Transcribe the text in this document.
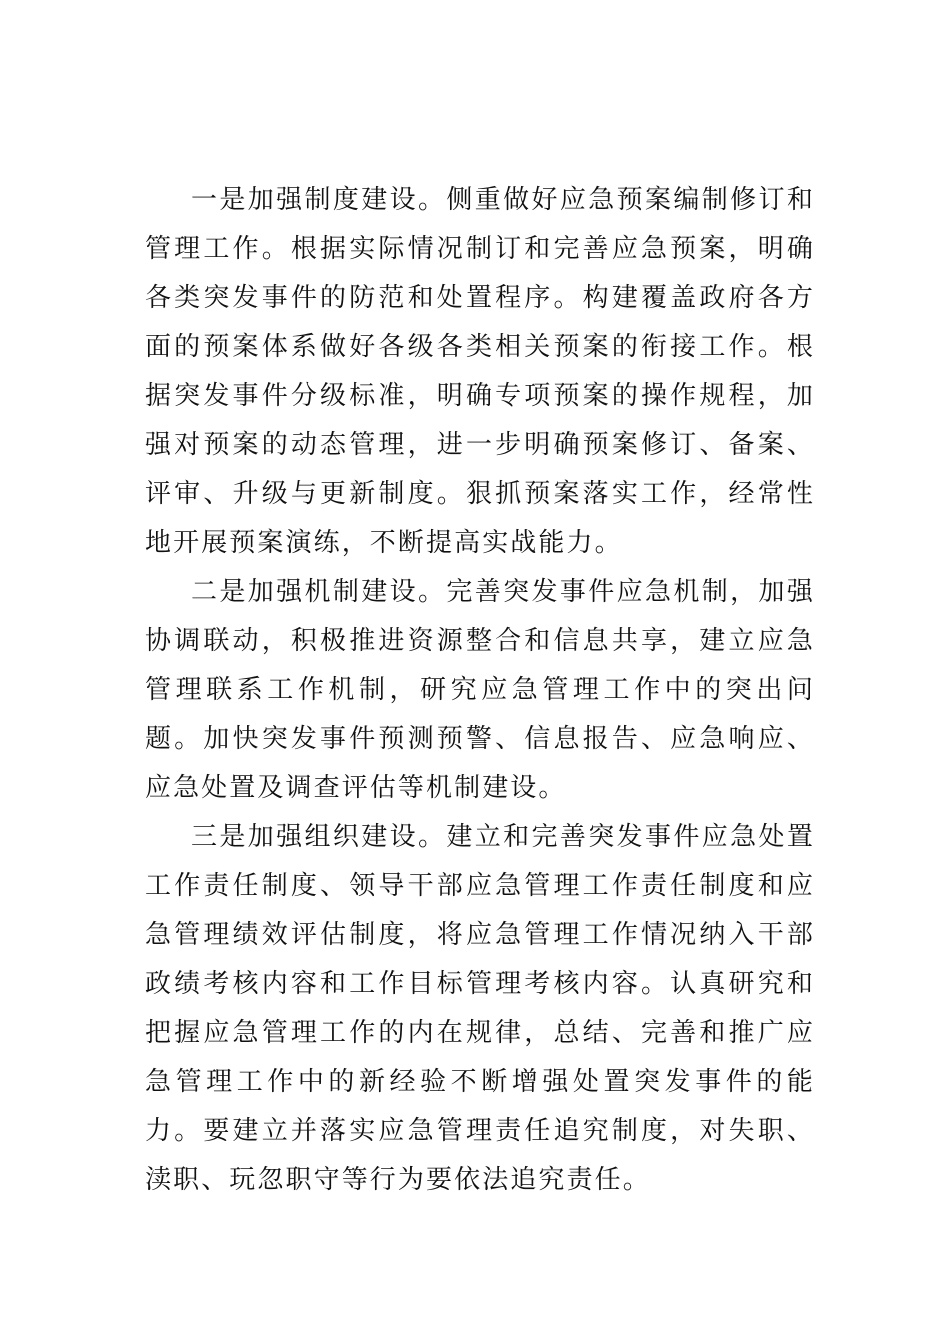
一是加强制度建设。侧重做好应急预案编制修订和管理工作。根据实际情况制订和完善应急预案，明确各类突发事件的防范和处置程序。构建覆盖政府各方面的预案体系做好各级各类相关预案的衔接工作。根据突发事件分级标准，明确专项预案的操作规程，加强对预案的动态管理，进一步明确预案修订、备案、评审、升级与更新制度。狠抓预案落实工作，经常性地开展预案演练，不断提高实战能力。

二是加强机制建设。完善突发事件应急机制，加强协调联动，积极推进资源整合和信息共享，建立应急管理联系工作机制，研究应急管理工作中的突出问题。加快突发事件预测预警、信息报告、应急响应、应急处置及调查评估等机制建设。

三是加强组织建设。建立和完善突发事件应急处置工作责任制度、领导干部应急管理工作责任制度和应急管理绩效评估制度，将应急管理工作情况纳入干部政绩考核内容和工作目标管理考核内容。认真研究和把握应急管理工作的内在规律，总结、完善和推广应急管理工作中的新经验不断增强处置突发事件的能力。要建立并落实应急管理责任追究制度，对失职、渎职、玩忽职守等行为要依法追究责任。
